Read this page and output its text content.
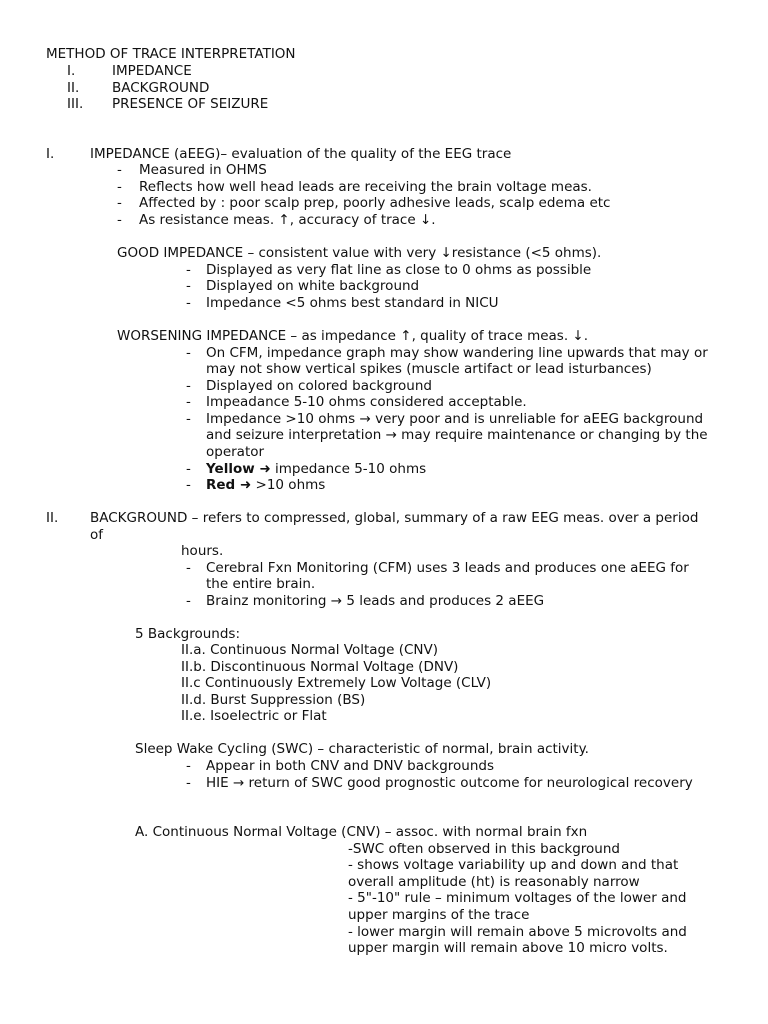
METHOD OF TRACE INTERPRETATION
I.	IMPEDANCE
II. BACKGROUND
III. PRESENCE OF SEIZURE
I.	IMPEDANCE (aEEG)– evaluation of the quality of the EEG trace
- Measured in OHMS
- Reflects how well head leads are receiving the brain voltage meas.
- Affected by : poor scalp prep, poorly adhesive leads, scalp edema etc
- As resistance meas. ↑, accuracy of trace ↓.
GOOD IMPEDANCE – consistent value with very ↓resistance (<5 ohms).
- Displayed as very flat line as close to 0 ohms as possible
- Displayed on white background
- Impedance <5 ohms best standard in NICU
WORSENING IMPEDANCE – as impedance ↑, quality of trace meas. ↓.
- On CFM, impedance graph may show wandering line upwards that may or
may not show vertical spikes (muscle artifact or lead isturbances)
- Displayed on colored background
- Impeadance 5-10 ohms considered acceptable.
- Impedance >10 ohms → very poor and is unreliable for aEEG background
and seizure interpretation → may require maintenance or changing by the
operator
- Yellow ➜ impedance 5-10 ohms
- Red ➜ >10 ohms
II. BACKGROUND – refers to compressed, global, summary of a raw EEG meas. over a period
of
hours.
- Cerebral Fxn Monitoring (CFM) uses 3 leads and produces one aEEG for
the entire brain.
- Brainz monitoring → 5 leads and produces 2 aEEG
5 Backgrounds:
II.a. Continuous Normal Voltage (CNV)
II.b. Discontinuous Normal Voltage (DNV)
II.c Continuously Extremely Low Voltage (CLV)
II.d. Burst Suppression (BS)
II.e. Isoelectric or Flat
Sleep Wake Cycling (SWC) – characteristic of normal, brain activity.
- Appear in both CNV and DNV backgrounds
- HIE → return of SWC good prognostic outcome for neurological recovery
A. Continuous Normal Voltage (CNV) – assoc. with normal brain fxn
-SWC often observed in this background
- shows voltage variability up and down and that
overall amplitude (ht) is reasonably narrow
- 5"-10" rule – minimum voltages of the lower and
upper margins of the trace
- lower margin will remain above 5 microvolts and
upper margin will remain above 10 micro volts.
